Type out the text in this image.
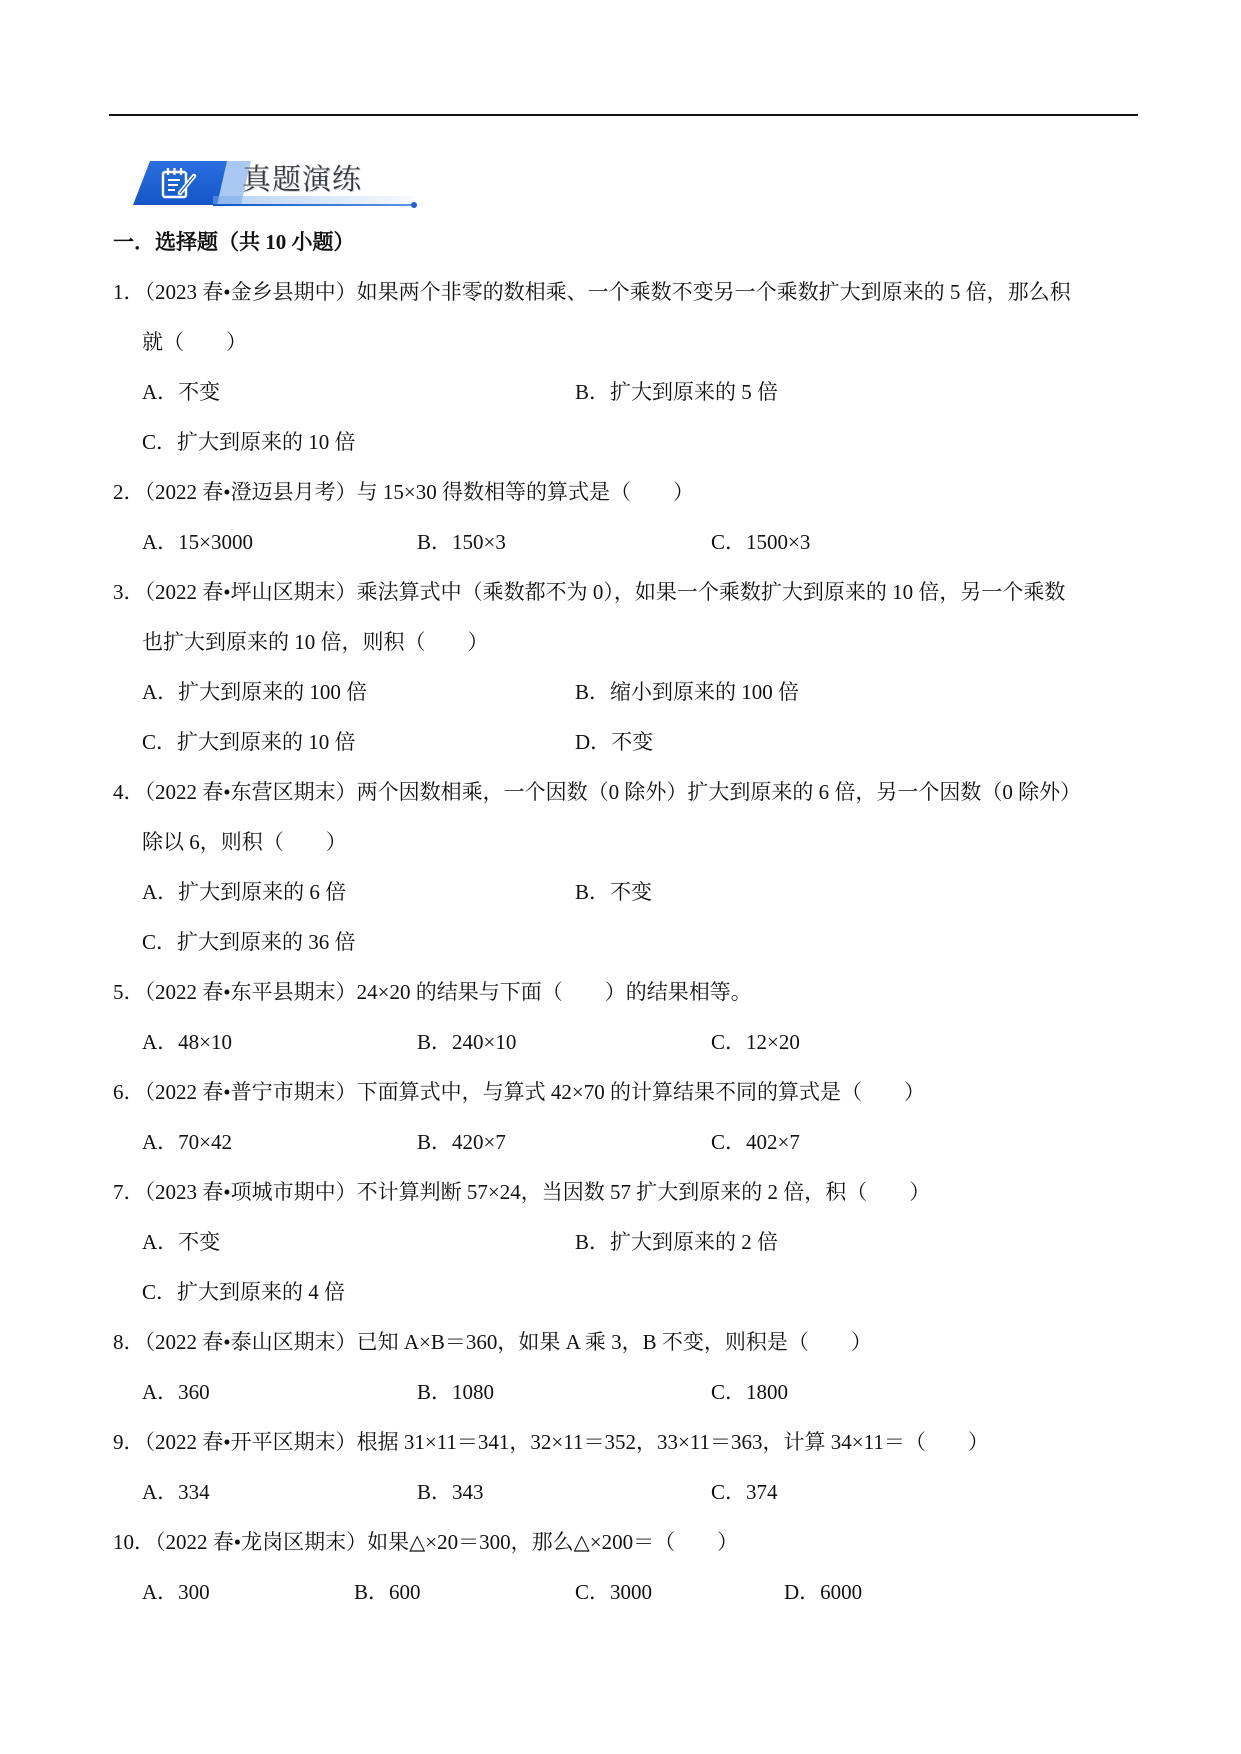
真题演练
一．选择题（共 10 小题）
1．（2023 春•金乡县期中）如果两个非零的数相乘、一个乘数不变另一个乘数扩大到原来的 5 倍，那么积
就（　　）
A．不变	B．扩大到原来的 5 倍
C．扩大到原来的 10 倍
2．（2022 春•澄迈县月考）与 15×30 得数相等的算式是（　　）
A．15×3000	B．150×3	C．1500×3
3．（2022 春•坪山区期末）乘法算式中（乘数都不为 0），如果一个乘数扩大到原来的 10 倍，另一个乘数
也扩大到原来的 10 倍，则积（　　）
A．扩大到原来的 100 倍	B．缩小到原来的 100 倍
C．扩大到原来的 10 倍	D．不变
4．（2022 春•东营区期末）两个因数相乘，一个因数（0 除外）扩大到原来的 6 倍，另一个因数（0 除外）
除以 6，则积（　　）
A．扩大到原来的 6 倍	B．不变
C．扩大到原来的 36 倍
5．（2022 春•东平县期末）24×20 的结果与下面（　　）的结果相等。
A．48×10	B．240×10	C．12×20
6．（2022 春•普宁市期末）下面算式中，与算式 42×70 的计算结果不同的算式是（　　）
A．70×42	B．420×7	C．402×7
7．（2023 春•项城市期中）不计算判断 57×24，当因数 57 扩大到原来的 2 倍，积（　　）
A．不变	B．扩大到原来的 2 倍
C．扩大到原来的 4 倍
8．（2022 春•泰山区期末）已知 A×B＝360，如果 A 乘 3，B 不变，则积是（　　）
A．360	B．1080	C．1800
9．（2022 春•开平区期末）根据 31×11＝341，32×11＝352，33×11＝363，计算 34×11＝（　　）
A．334	B．343	C．374
10．（2022 春•龙岗区期末）如果△×20＝300，那么△×200＝（　　）
A．300	B．600	C．3000	D．6000
